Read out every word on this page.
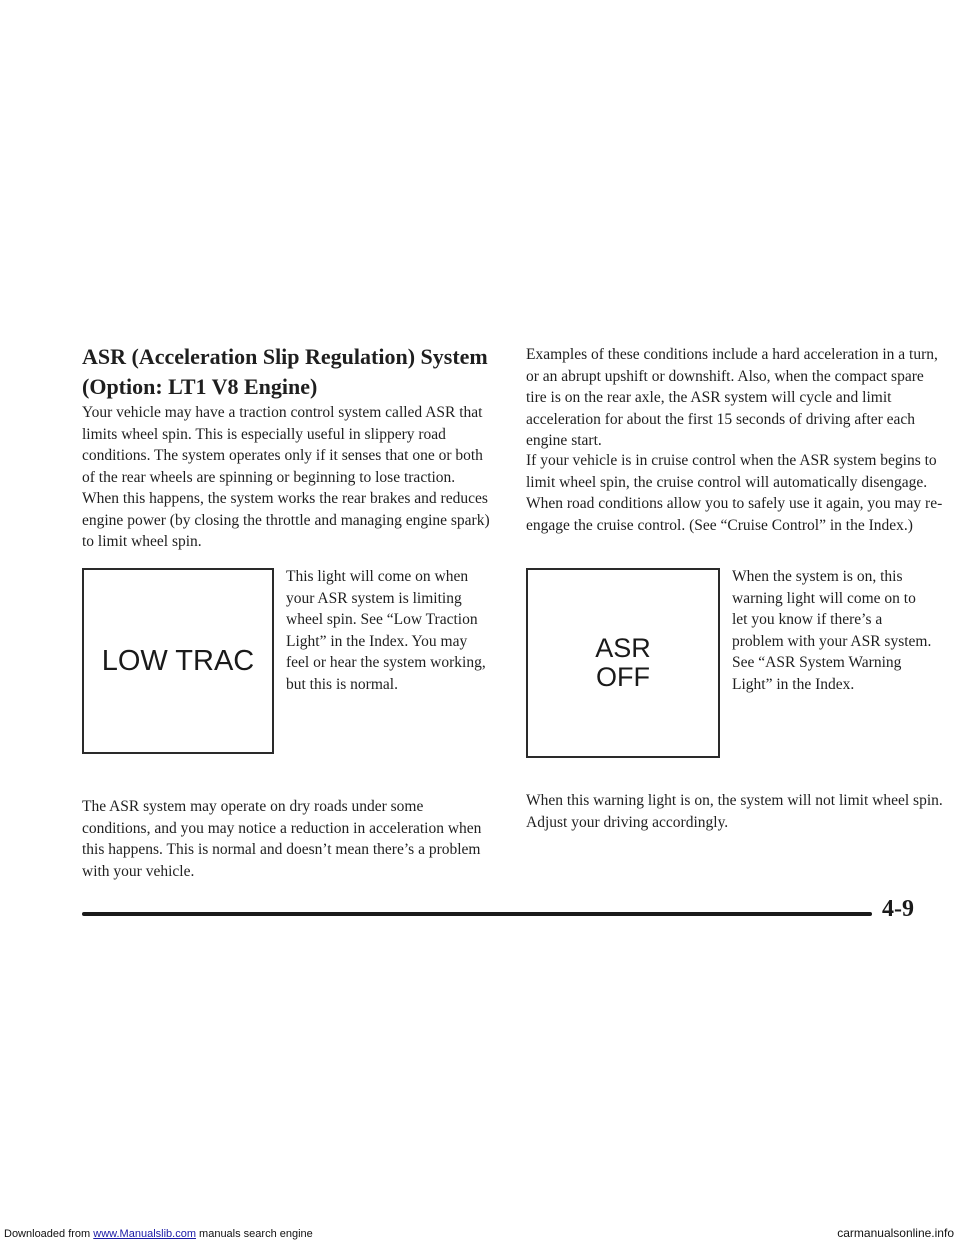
ASR (Acceleration Slip Regulation) System (Option: LT1 V8 Engine)

Your vehicle may have a traction control system called ASR that limits wheel spin. This is especially useful in slippery road conditions. The system operates only if it senses that one or both of the rear wheels are spinning or beginning to lose traction. When this happens, the system works the rear brakes and reduces engine power (by closing the throttle and managing engine spark) to limit wheel spin.

LOW TRAC

This light will come on when your ASR system is limiting wheel spin. See “Low Traction Light” in the Index. You may feel or hear the system working, but this is normal.

The ASR system may operate on dry roads under some conditions, and you may notice a reduction in acceleration when this happens. This is normal and doesn’t mean there’s a problem with your vehicle.

Examples of these conditions include a hard acceleration in a turn, or an abrupt upshift or downshift. Also, when the compact spare tire is on the rear axle, the ASR system will cycle and limit acceleration for about the first 15 seconds of driving after each engine start.

If your vehicle is in cruise control when the ASR system begins to limit wheel spin, the cruise control will automatically disengage. When road conditions allow you to safely use it again, you may re-engage the cruise control. (See “Cruise Control” in the Index.)

ASR
OFF

When the system is on, this warning light will come on to let you know if there’s a problem with your ASR system. See “ASR System Warning Light” in the Index.

When this warning light is on, the system will not limit wheel spin. Adjust your driving accordingly.

4-9
Downloaded from www.Manualslib.com manuals search engine	carmanualsonline.info
